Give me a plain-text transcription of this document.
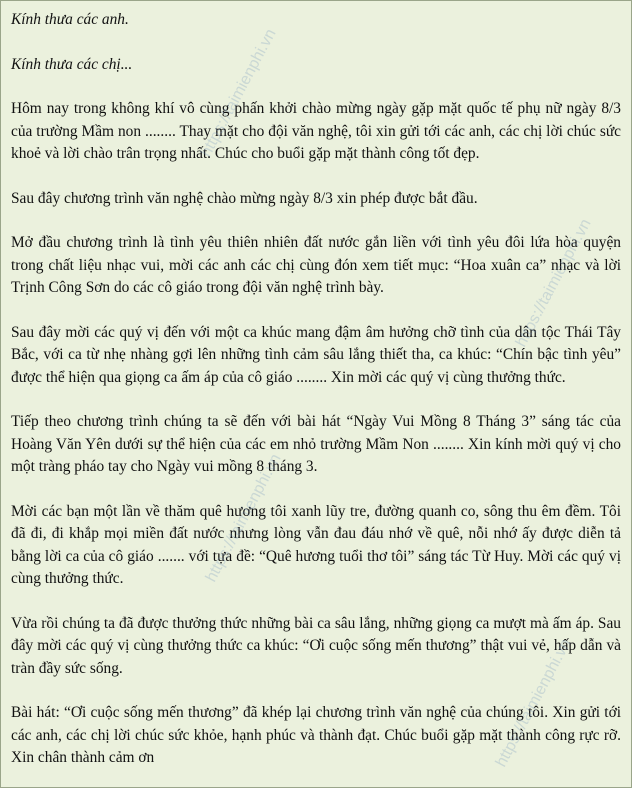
Kính thưa các anh.

Kính thưa các chị...

Hôm nay trong không khí vô cùng phấn khởi chào mừng ngày gặp mặt quốc tế phụ nữ ngày 8/3 của trường Mầm non ........ Thay mặt cho đội văn nghệ, tôi xin gửi tới các anh, các chị lời chúc sức khoẻ và lời chào trân trọng nhất. Chúc cho buổi gặp mặt thành công tốt đẹp.

Sau đây chương trình văn nghệ chào mừng ngày 8/3 xin phép được bắt đầu.

Mở đầu chương trình là tình yêu thiên nhiên đất nước gắn liền với tình yêu đôi lứa hòa quyện trong chất liệu nhạc vui, mời các anh các chị cùng đón xem tiết mục: “Hoa xuân ca” nhạc và lời Trịnh Công Sơn do các cô giáo trong đội văn nghệ trình bày.

Sau đây mời các quý vị đến với một ca khúc mang đậm âm hưởng chỡ tình của dân tộc Thái Tây Bắc, với ca từ nhẹ nhàng gợi lên những tình cảm sâu lắng thiết tha, ca khúc: “Chín bậc tình yêu” được thể hiện qua giọng ca ấm áp của cô giáo ........ Xin mời các quý vị cùng thưởng thức.

Tiếp theo chương trình chúng ta sẽ đến với bài hát “Ngày Vui Mồng 8 Tháng 3” sáng tác của Hoàng Văn Yên dưới sự thể hiện của các em nhỏ trường Mầm Non ........ Xin kính mời quý vị cho một tràng pháo tay cho Ngày vui mồng 8 tháng 3.

Mời các bạn một lần về thăm quê hương tôi xanh lũy tre, đường quanh co, sông thu êm đềm. Tôi đã đi, đi khắp mọi miền đất nước nhưng lòng vẫn đau đáu nhớ về quê, nỗi nhớ ấy được diễn tả bằng lời ca của cô giáo ....... với tựa đề: “Quê hương tuổi thơ tôi” sáng tác Từ Huy. Mời các quý vị cùng thưởng thức.

Vừa rồi chúng ta đã được thưởng thức những bài ca sâu lắng, những giọng ca mượt mà ấm áp. Sau đây mời các quý vị cùng thưởng thức ca khúc: “Ơi cuộc sống mến thương” thật vui vẻ, hấp dẫn và tràn đầy sức sống.

Bài hát: “Ơi cuộc sống mến thương” đã khép lại chương trình văn nghệ của chúng tôi. Xin gửi tới các anh, các chị lời chúc sức khỏe, hạnh phúc và thành đạt. Chúc buổi gặp mặt thành công rực rỡ. Xin chân thành cảm ơn

https://taimienphi.vn
https://taimienphi.vn
https://taimienphi.vn
https://taimienphi.vn
